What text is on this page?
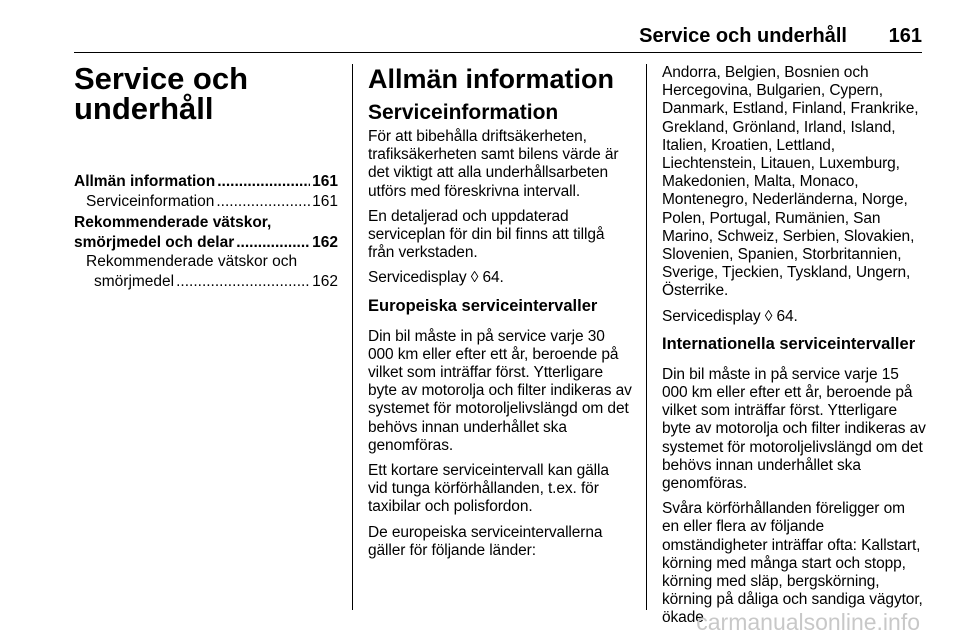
Service och underhåll 161
Service och
underhåll
Allmän information .....	161
Serviceinformation .....	161
Rekommenderade vätskor,
smörjmedel och delar .....	162
Rekommenderade vätskor och
smörjmedel .....	162
Allmän information
Serviceinformation

För att bibehålla driftsäkerheten, trafiksäkerheten samt bilens värde är det viktigt att alla underhållsarbeten utförs med föreskrivna intervall.

En detaljerad och uppdaterad serviceplan för din bil finns att tillgå från verkstaden.

Servicedisplay ◊ 64.

Europeiska serviceintervaller

Din bil måste in på service varje 30 000 km eller efter ett år, beroende på vilket som inträffar först. Ytterligare byte av motorolja och filter indikeras av systemet för motoroljelivslängd om det behövs innan underhållet ska genomföras.

Ett kortare serviceintervall kan gälla vid tunga körförhållanden, t.ex. för taxibilar och polisfordon.

De europeiska serviceintervallerna gäller för följande länder:

Andorra, Belgien, Bosnien och Hercegovina, Bulgarien, Cypern, Danmark, Estland, Finland, Frankrike, Grekland, Grönland, Irland, Island, Italien, Kroatien, Lettland, Liechtenstein, Litauen, Luxemburg, Makedonien, Malta, Monaco, Montenegro, Nederländerna, Norge, Polen, Portugal, Rumänien, San Marino, Schweiz, Serbien, Slovakien, Slovenien, Spanien, Storbritannien, Sverige, Tjeckien, Tyskland, Ungern, Österrike.

Servicedisplay ◊ 64.

Internationella serviceintervaller

Din bil måste in på service varje 15 000 km eller efter ett år, beroende på vilket som inträffar först. Ytterligare byte av motorolja och filter indikeras av systemet för motoroljelivslängd om det behövs innan underhållet ska genomföras.

Svåra körförhållanden föreligger om en eller flera av följande omständigheter inträffar ofta: Kallstart, körning med många start och stopp, körning med släp, bergskörning, körning på dåliga och sandiga vägytor, ökade

carmanualsonline.info
